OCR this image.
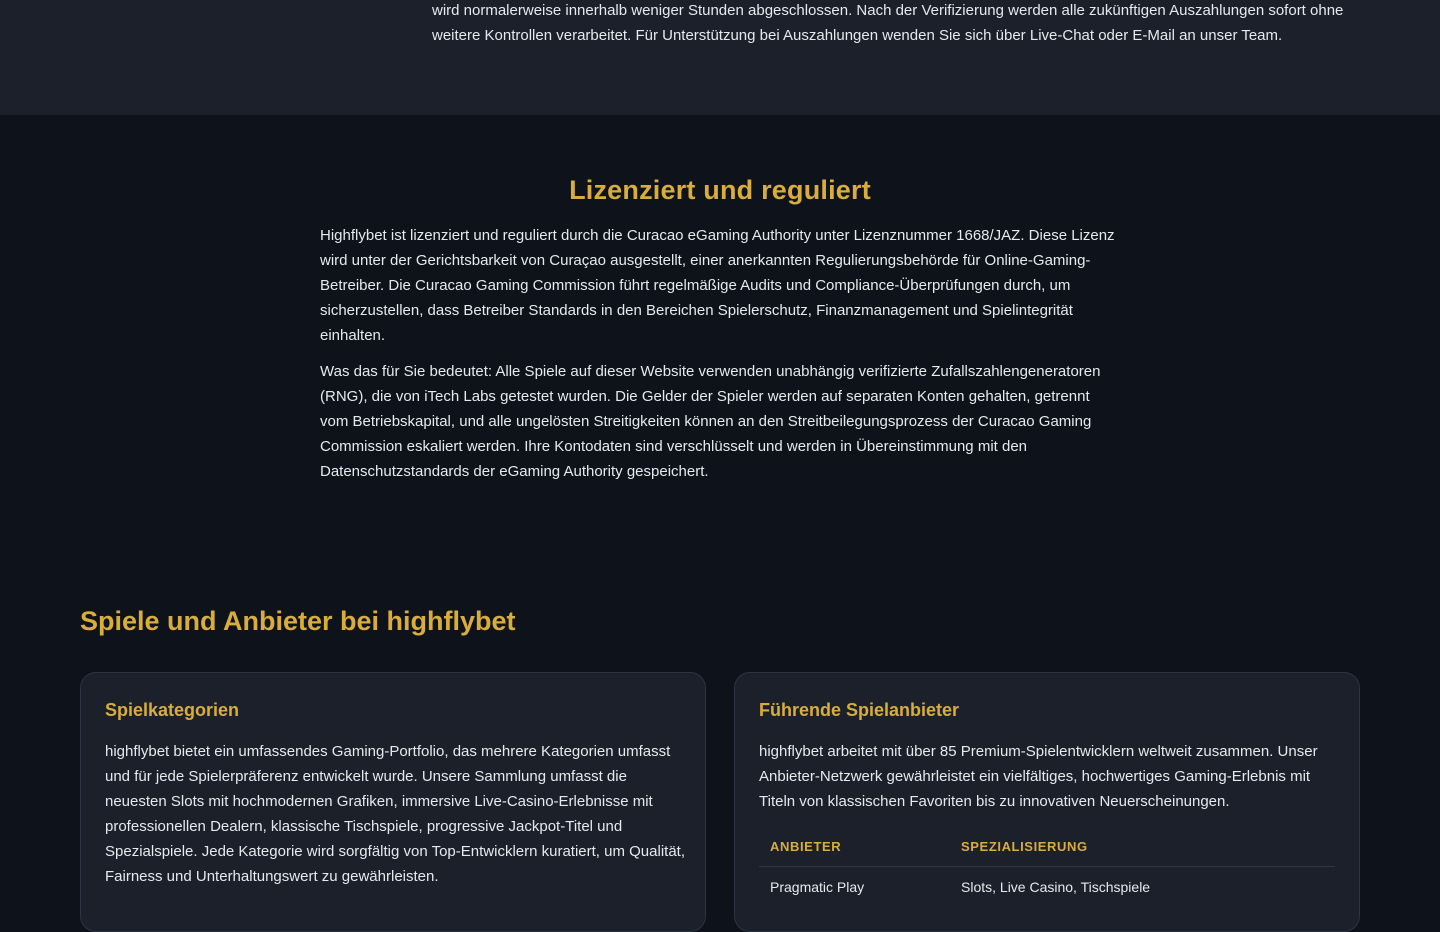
wird normalerweise innerhalb weniger Stunden abgeschlossen. Nach der Verifizierung werden alle zukünftigen Auszahlungen sofort ohne weitere Kontrollen verarbeitet. Für Unterstützung bei Auszahlungen wenden Sie sich über Live-Chat oder E-Mail an unser Team.

Lizenziert und reguliert

Highflybet ist lizenziert und reguliert durch die Curacao eGaming Authority unter Lizenznummer 1668/JAZ. Diese Lizenz wird unter der Gerichtsbarkeit von Curaçao ausgestellt, einer anerkannten Regulierungsbehörde für Online-Gaming-Betreiber. Die Curacao Gaming Commission führt regelmäßige Audits und Compliance-Überprüfungen durch, um sicherzustellen, dass Betreiber Standards in den Bereichen Spielerschutz, Finanzmanagement und Spielintegrität einhalten.

Was das für Sie bedeutet: Alle Spiele auf dieser Website verwenden unabhängig verifizierte Zufallszahlengeneratoren (RNG), die von iTech Labs getestet wurden. Die Gelder der Spieler werden auf separaten Konten gehalten, getrennt vom Betriebskapital, und alle ungelösten Streitigkeiten können an den Streitbeilegungsprozess der Curacao Gaming Commission eskaliert werden. Ihre Kontodaten sind verschlüsselt und werden in Übereinstimmung mit den Datenschutzstandards der eGaming Authority gespeichert.

Spiele und Anbieter bei highflybet
Spielkategorien

highflybet bietet ein umfassendes Gaming-Portfolio, das mehrere Kategorien umfasst und für jede Spielerpräferenz entwickelt wurde. Unsere Sammlung umfasst die neuesten Slots mit hochmodernen Grafiken, immersive Live-Casino-Erlebnisse mit professionellen Dealern, klassische Tischspiele, progressive Jackpot-Titel und Spezialspiele. Jede Kategorie wird sorgfältig von Top-Entwicklern kuratiert, um Qualität, Fairness und Unterhaltungswert zu gewährleisten.

Führende Spielanbieter

highflybet arbeitet mit über 85 Premium-Spielentwicklern weltweit zusammen. Unser Anbieter-Netzwerk gewährleistet ein vielfältiges, hochwertiges Gaming-Erlebnis mit Titeln von klassischen Favoriten bis zu innovativen Neuerscheinungen.

ANBIETER	SPEZIALISIERUNG
Pragmatic Play	Slots, Live Casino, Tischspiele
